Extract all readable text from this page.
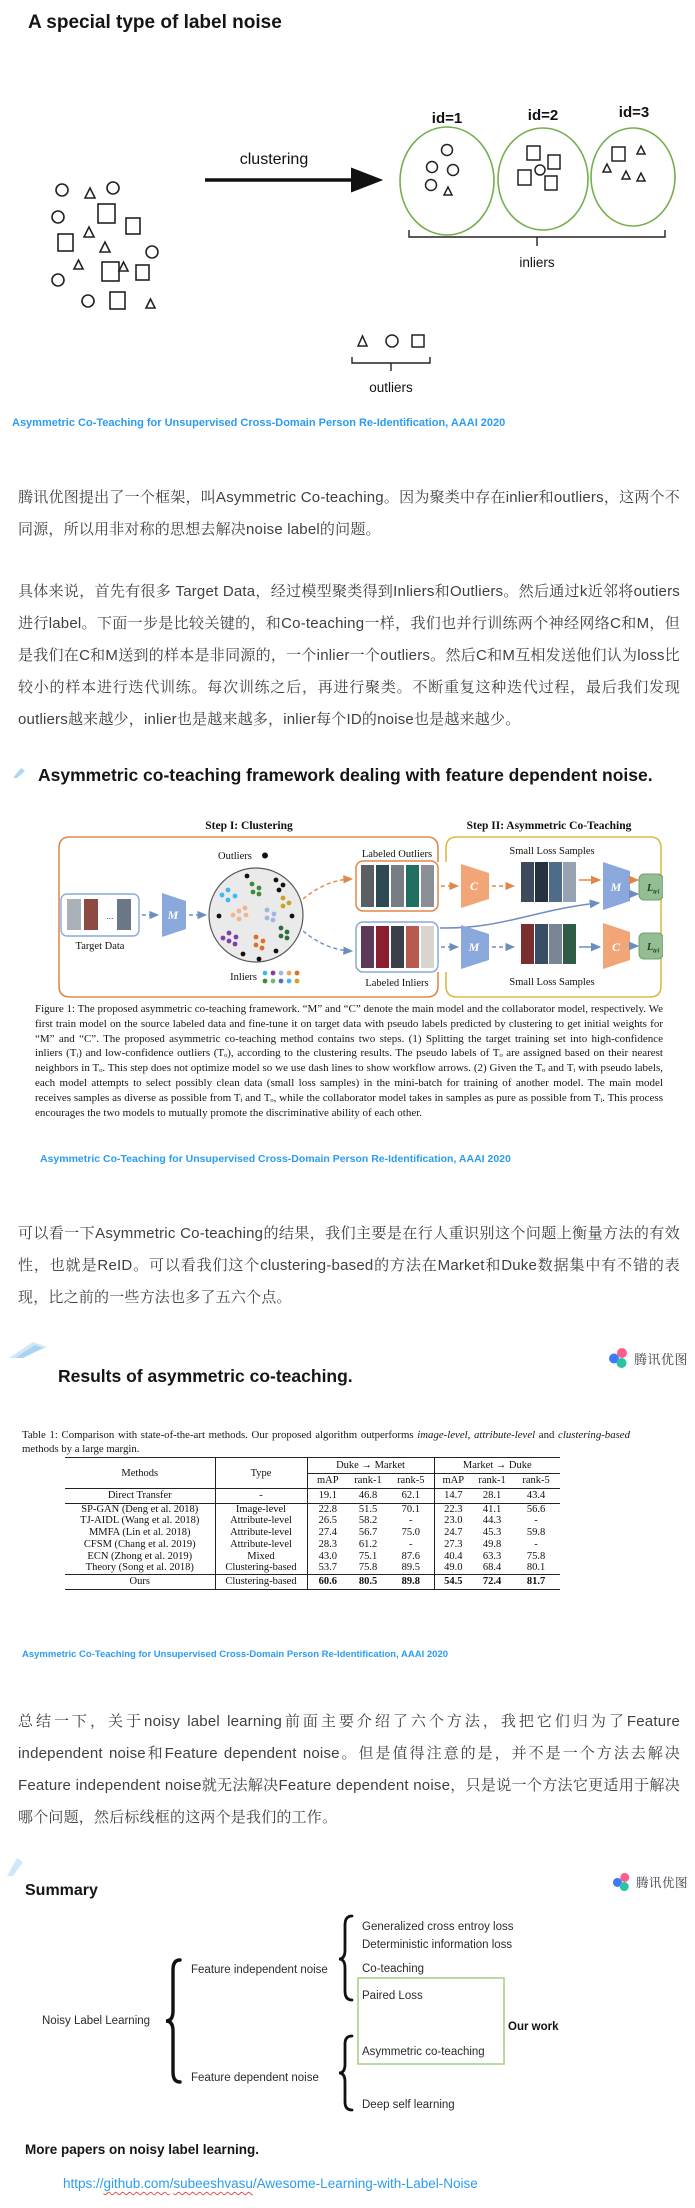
A special type of label noise
clustering
id=1	id=2	id=3
inliers
outliers
Asymmetric Co-Teaching for Unsupervised Cross-Domain Person Re-Identification, AAAI 2020
腾讯优图提出了一个框架，叫Asymmetric Co-teaching。因为聚类中存在inlier和outliers，这两个不同源，所以用非对称的思想去解决noise label的问题。
具体来说，首先有很多 Target Data，经过模型聚类得到Inliers和Outliers。然后通过k近邻将outiers进行label。下面一步是比较关键的，和Co-teaching一样，我们也并行训练两个神经网络C和M，但是我们在C和M送到的样本是非同源的，一个inlier一个outliers。然后C和M互相发送他们认为loss比较小的样本进行迭代训练。每次训练之后，再进行聚类。不断重复这种迭代过程，最后我们发现outliers越来越少，inlier也是越来越多，inlier每个ID的noise也是越来越少。
Asymmetric co-teaching framework dealing with feature dependent noise.
Step I: Clustering	Step II: Asymmetric Co-Teaching
...
Target Data
M
Outliers
Inliers
Labeled Outliers
Labeled Inliers
C
Small Loss Samples
M	$L_{tri}$
M
Small Loss Samples
C	$L_{tri}$
Figure 1: The proposed asymmetric co-teaching framework. “M” and “C” denote the main model and the collaborator model, respectively. We first train model on the source labeled data and fine-tune it on target data with pseudo labels predicted by clustering to get initial weights for “M” and “C”. The proposed asymmetric co-teaching method contains two steps. (1) Splitting the target training set into high-confidence inliers (Tᵢ) and low-confidence outliers (Tₒ), according to the clustering results. The pseudo labels of Tₒ are assigned based on their nearest neighbors in Tₒ. This step does not optimize model so we use dash lines to show workflow arrows. (2) Given the Tₒ and Tᵢ with pseudo labels, each model attempts to select possibly clean data (small loss samples) in the mini-batch for training of another model. The main model receives samples as diverse as possible from Tᵢ and Tₒ, while the collaborator model takes in samples as pure as possible from Tᵢ. This process encourages the two models to mutually promote the discriminative ability of each other.
Asymmetric Co-Teaching for Unsupervised Cross-Domain Person Re-Identification, AAAI 2020
可以看一下Asymmetric Co-teaching的结果，我们主要是在行人重识别这个问题上衡量方法的有效性，也就是ReID。可以看我们这个clustering-based的方法在Market和Duke数据集中有不错的表现，比之前的一些方法也多了五六个点。
腾讯优图
Results of asymmetric co-teaching.
Table 1: Comparison with state-of-the-art methods. Our proposed algorithm outperforms image-level, attribute-level and clustering-based methods by a large margin.
Methods	Type	Duke → Market			Market → Duke		
		mAP	rank-1	rank-5	mAP	rank-1	rank-5
Direct Transfer	-	19.1	46.8	62.1	14.7	28.1	43.4
SP-GAN (Deng et al. 2018)	Image-level	22.8	51.5	70.1	22.3	41.1	56.6
TJ-AIDL (Wang et al. 2018)	Attribute-level	26.5	58.2	-	23.0	44.3	-
MMFA (Lin et al. 2018)	Attribute-level	27.4	56.7	75.0	24.7	45.3	59.8
CFSM (Chang et al. 2019)	Attribute-level	28.3	61.2	-	27.3	49.8	-
ECN (Zhong et al. 2019)	Mixed	43.0	75.1	87.6	40.4	63.3	75.8
Theory (Song et al. 2018)	Clustering-based	53.7	75.8	89.5	49.0	68.4	80.1
Ours	Clustering-based	60.6	80.5	89.8	54.5	72.4	81.7
Asymmetric Co-Teaching for Unsupervised Cross-Domain Person Re-Identification, AAAI 2020
总结一下，关于noisy label learning前面主要介绍了六个方法，我把它们归为了Feature independent noise和Feature dependent noise。但是值得注意的是，并不是一个方法去解决Feature independent noise就无法解决Feature dependent noise，只是说一个方法它更适用于解决哪个问题，然后标线框的这两个是我们的工作。
腾讯优图
Summary
Noisy Label Learning
Feature independent noise
Feature dependent noise
Generalized cross entroy loss
Deterministic information loss
Co-teaching
Paired Loss
Asymmetric co-teaching
Deep self learning
Our work
More papers on noisy label learning.
https://github.com/subeeshvasu/Awesome-Learning-with-Label-Noise
